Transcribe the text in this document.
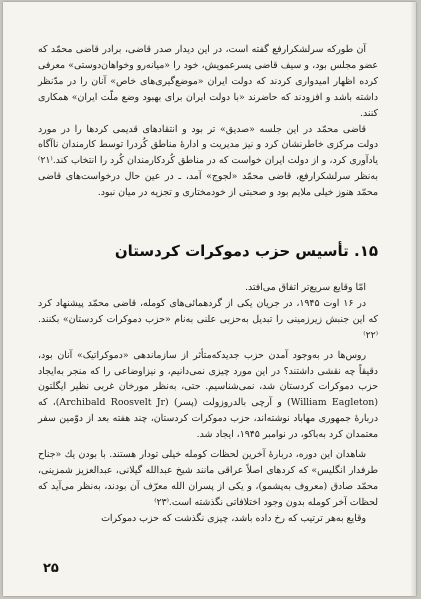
آن طورکه سرلشکرارفع گفته است، در این دیدار صدر قاضی، برادر قاضی محمّد که عضو مجلس بود، و سیف قاضی پسرعمویش، خود را «میانه‌رو وخواهان‌دوستی» معرفی کرده اظهار امیدواری کردند که دولت ایران «موضع‌گیری‌های خاص» آنان را در مدّنظر داشته باشد و افزودند که حاضرند «با دولت ایران برای بهبود وضع ملّت ایران» همکاری کنند.

قاضی محمّد در این جلسه «صدیق» تر بود و انتقادهای قدیمی کردها را در مورد دولت مرکزی خاطرنشان کرد و نیز مدیریت و ادارهٔ مناطق کُردرا توسط کارمندان ناآگاه یادآوری کرد، و از دولت ایران خواست که در مناطق کُردکارمندان کُرد را انتخاب کند.⁽٢١⁾ به‌نظر سرلشکرارفع، قاضی محمّد «لجوج» آمد، ـ در عین حال درخواست‌های قاضی محمّد هنوز خیلی ملایم بود و صحبتی از خودمختاری و تجزیه در میان نبود.

۱۵. تأسیس حزب دموکرات کردستان

امّا وقایع سریع‌تر اتفاق می‌افتد.

در ۱۶ اوت ۱۹۴۵، در جریان یکی از گردهمائی‌های کومله، قاضی محمّد پیشنهاد کرد که این جنبش زیرزمینی را تبدیل به‌حزبی علنی به‌نام «حزب دموکرات کردستان» بکنند.⁽٢٢⁾

روس‌ها در به‌وجود آمدن حزب جدیدکه‌متأثر از سازماندهی «دموکراتیک» آنان بود، دقیقاً چه نقشی داشتند؟ در این مورد چیزی نمی‌دانیم، و نیزاوضاعی را که منجر به‌ایجاد حزب دموکرات کردستان شد، نمی‌شناسیم. حتی، به‌نظر مورخان غربی نظیر ایگلتون (William Eagleton) و آرچی بالدروزولت (پسر) (Archibald Roosvelt Jr)، که دربارهٔ جمهوری مهاباد نوشته‌اند، حزب دموکرات کردستان، چند هفته بعد از دوّمین سفر معتمدان کرد به‌باکو، در نوامبر ۱۹۴۵، ایجاد شد.

شاهدان این دوره، دربارهٔ آخرین لحظات کومله خیلی تودار هستند. با بودن یك «جناح طرفدار انگلیس» که کردهای اصلاً عراقی مانند شیخ عبدالله گیلانی، عبدالعزیز شمزینی، محمّد صادق (معروف به‌پشمو)، و یکی از پسران الله معرّف آن بودند، به‌نظر می‌آید که لحظات آخر کومله بدون وجود اختلافاتی نگذشته است.⁽٢٣⁾

وقایع به‌هر ترتیب که رخ داده باشد، چیزی نگذشت که حزب دموکرات

۲۵
